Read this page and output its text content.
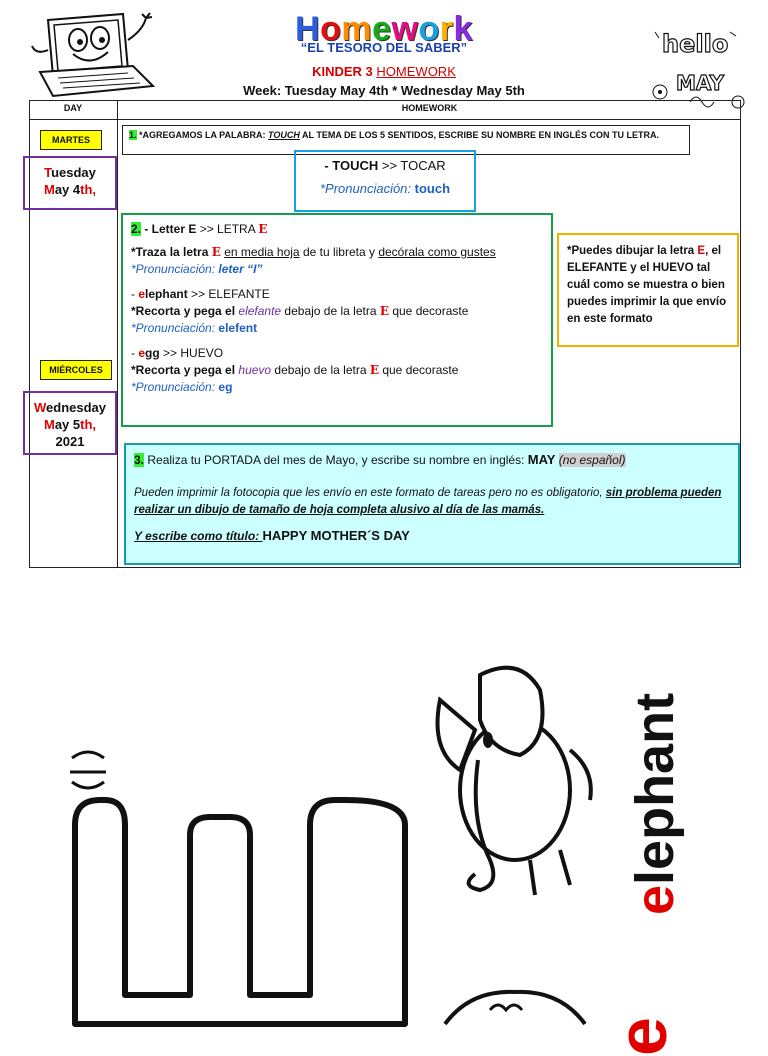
Homework
“EL TESORO DEL SABER”
KINDER 3 HOMEWORK
Week: Tuesday May 4th * Wednesday May 5th
hello
MAY
DAY	HOMEWORK
MARTES
Tuesday
May 4th,
MIÉRCOLES
Wednesday
May 5th,
2021
1. *AGREGAMOS LA PALABRA: TOUCH AL TEMA DE LOS 5 SENTIDOS, ESCRIBE SU NOMBRE EN INGLÉS CON TU LETRA.
- TOUCH >> TOCAR
*Pronunciación: touch

2. - Letter E >> LETRA E

*Traza la letra E en media hoja de tu libreta y decórala como gustes

*Pronunciación: leter “I”

- elephant >> ELEFANTE

*Recorta y pega el elefante debajo de la letra E que decoraste

*Pronunciación: elefent

- egg >> HUEVO

*Recorta y pega el huevo debajo de la letra E que decoraste

*Pronunciación: eg

*Puedes dibujar la letra E, el ELEFANTE y el HUEVO tal cuál como se muestra o bien puedes imprimir la que envío en este formato
3. Realiza tu PORTADA del mes de Mayo, y escribe su nombre en inglés: MAY (no español)
Pueden imprimir la fotocopia que les envío en este formato de tareas pero no es obligatorio, sin problema pueden realizar un dibujo de tamaño de hoja completa alusivo al día de las mamás.
Y escribe como título: HAPPY MOTHER´S DAY
elephant
e
